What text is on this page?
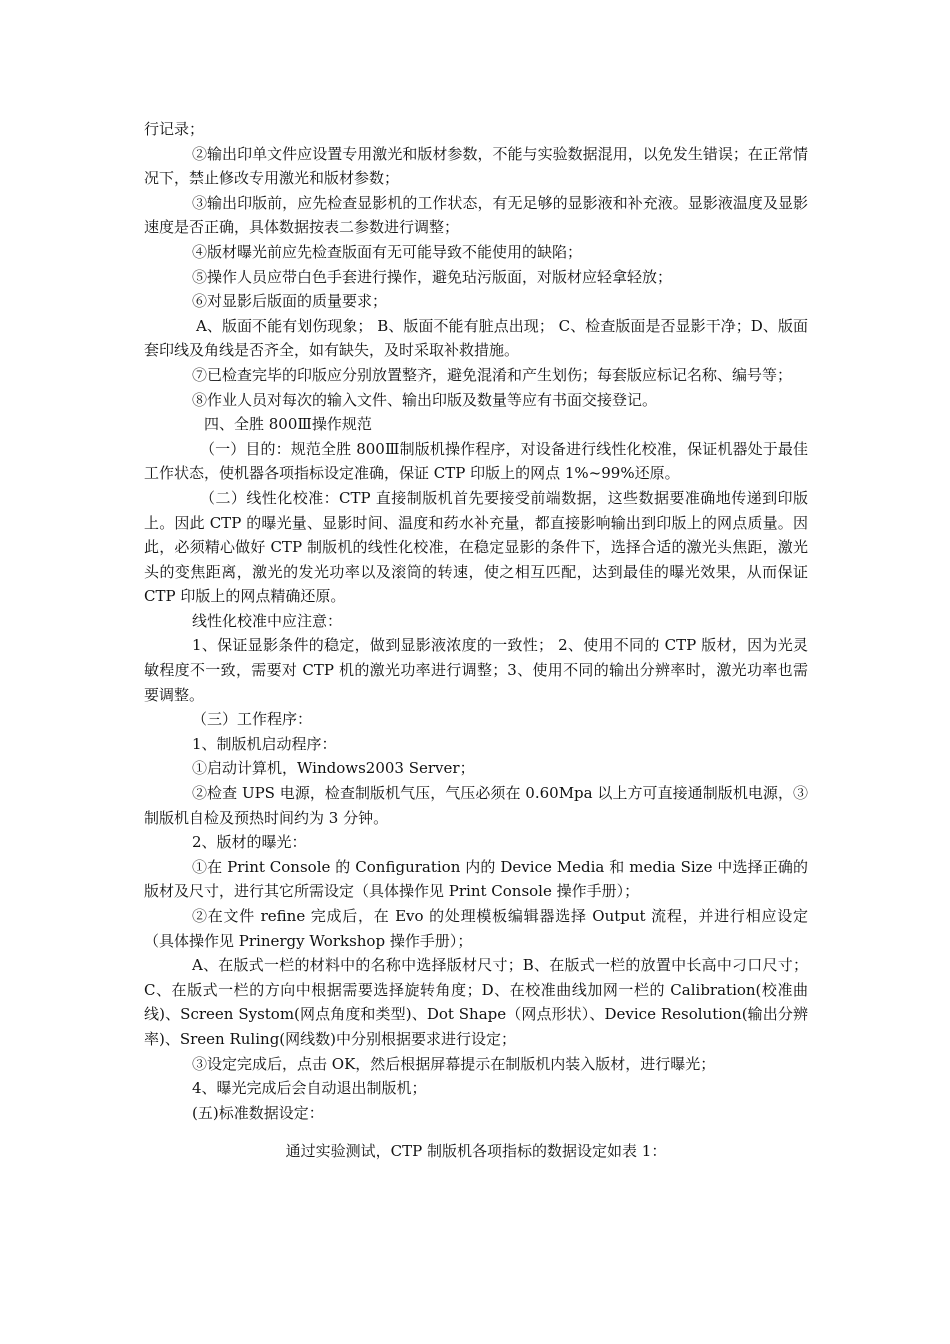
行记录；

②输出印单文件应设置专用激光和版材参数，不能与实验数据混用，以免发生错误；在正常情况下，禁止修改专用激光和版材参数；

③输出印版前，应先检查显影机的工作状态，有无足够的显影液和补充液。显影液温度及显影速度是否正确，具体数据按表二参数进行调整；

④版材曝光前应先检查版面有无可能导致不能使用的缺陷；

⑤操作人员应带白色手套进行操作，避免玷污版面，对版材应轻拿轻放；

⑥对显影后版面的质量要求；

A、版面不能有划伤现象； B、版面不能有脏点出现； C、检查版面是否显影干净；D、版面套印线及角线是否齐全，如有缺失，及时采取补救措施。

⑦已检查完毕的印版应分别放置整齐，避免混淆和产生划伤；每套版应标记名称、编号等；

⑧作业人员对每次的输入文件、输出印版及数量等应有书面交接登记。

四、全胜 800Ⅲ操作规范

（一）目的：规范全胜 800Ⅲ制版机操作程序，对设备进行线性化校准，保证机器处于最佳工作状态，使机器各项指标设定准确，保证 CTP 印版上的网点 1%~99%还原。

（二）线性化校准：CTP 直接制版机首先要接受前端数据，这些数据要准确地传递到印版上。因此 CTP 的曝光量、显影时间、温度和药水补充量，都直接影响输出到印版上的网点质量。因此，必须精心做好 CTP 制版机的线性化校准，在稳定显影的条件下，选择合适的激光头焦距，激光头的变焦距离，激光的发光功率以及滚筒的转速，使之相互匹配，达到最佳的曝光效果，从而保证 CTP 印版上的网点精确还原。

线性化校准中应注意：

1、保证显影条件的稳定，做到显影液浓度的一致性； 2、使用不同的 CTP 版材，因为光灵敏程度不一致，需要对 CTP 机的激光功率进行调整；3、使用不同的输出分辨率时，激光功率也需要调整。

（三）工作程序：

1、制版机启动程序：

①启动计算机，Windows2003 Server；

②检查 UPS 电源，检查制版机气压，气压必须在 0.60Mpa 以上方可直接通制版机电源，③制版机自检及预热时间约为 3 分钟。

2、版材的曝光：

①在 Print Console 的 Configuration 内的 Device Media 和 media Size 中选择正确的版材及尺寸，进行其它所需设定（具体操作见 Print Console 操作手册）；

②在文件 refine 完成后，在 Evo 的处理模板编辑器选择 Output 流程，并进行相应设定（具体操作见 Prinergy Workshop 操作手册）；

A、在版式一栏的材料中的名称中选择版材尺寸；B、在版式一栏的放置中长高中刁口尺寸；C、在版式一栏的方向中根据需要选择旋转角度；D、在校准曲线加网一栏的 Calibration(校准曲线)、Screen Systom(网点角度和类型)、Dot Shape（网点形状）、Device Resolution(输出分辨率)、Sreen Ruling(网线数)中分别根据要求进行设定；

③设定完成后，点击 OK，然后根据屏幕提示在制版机内装入版材，进行曝光；

4、曝光完成后会自动退出制版机；

(五)标准数据设定：

通过实验测试，CTP 制版机各项指标的数据设定如表 1：
